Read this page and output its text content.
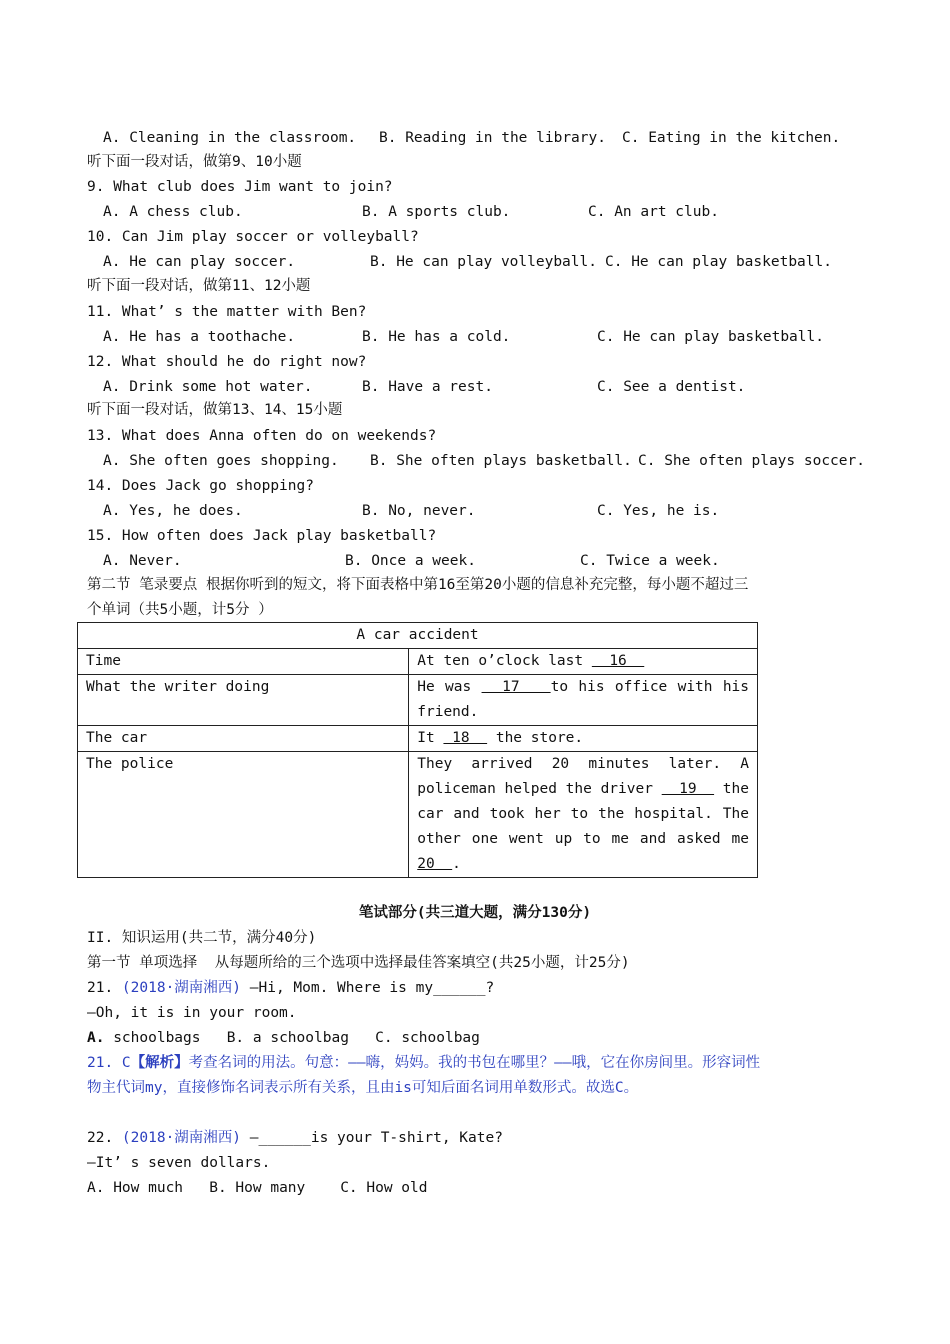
A. Cleaning in the classroom. B. Reading in the library. C. Eating in the kitchen.
听下面一段对话，做第9、10小题
9. What club does Jim want to join?
A. A chess club.	B. A sports club.	C. An art club.
10. Can Jim play soccer or volleyball?
A. He can play soccer.	B. He can play volleyball. C. He can play basketball.
听下面一段对话，做第11、12小题
11. What’ s the matter with Ben?
A. He has a toothache.	B. He has a cold.	C. He can play basketball.
12. What should he do right now?
A. Drink some hot water.	B. Have a rest.	C. See a dentist.
听下面一段对话，做第13、14、15小题
13. What does Anna often do on weekends?
A. She often goes shopping. B. She often plays basketball. C. She often plays soccer.
14. Does Jack go shopping?
A. Yes, he does.	B. No, never.	C. Yes, he is.
15. How often does Jack play basketball?
A. Never.	B. Once a week.	C. Twice a week.
第二节 笔录要点 根据你听到的短文，将下面表格中第16至第20小题的信息补充完整，每小题不超过三
个单词（共5小题，计5分 ）
A car accident	
Time	At ten o’clock last   16
What the writer doing	He was   17   to his office with his
friend.
The car	It  18   the store.
The police	They arrived 20 minutes later. A
policeman helped the driver   19   the
car and took her to the hospital. The
other one went up to me and asked me
20  .
笔试部分(共三道大题，满分130分)
II. 知识运用(共二节，满分40分)
第一节 单项选择  从每题所给的三个选项中选择最佳答案填空(共25小题，计25分)
21. (2018·湖南湘西) —Hi, Mom. Where is my______?
—Oh, it is in your room.
A. schoolbags B. a schoolbag C. schoolbag
21. C【解析】考查名词的用法。句意：——嗨，妈妈。我的书包在哪里？——哦，它在你房间里。形容词性
物主代词my，直接修饰名词表示所有关系，且由is可知后面名词用单数形式。故选C。
22. (2018·湖南湘西) —______is your T-shirt, Kate?
—It’ s seven dollars.
A. How much B. How many C. How old
